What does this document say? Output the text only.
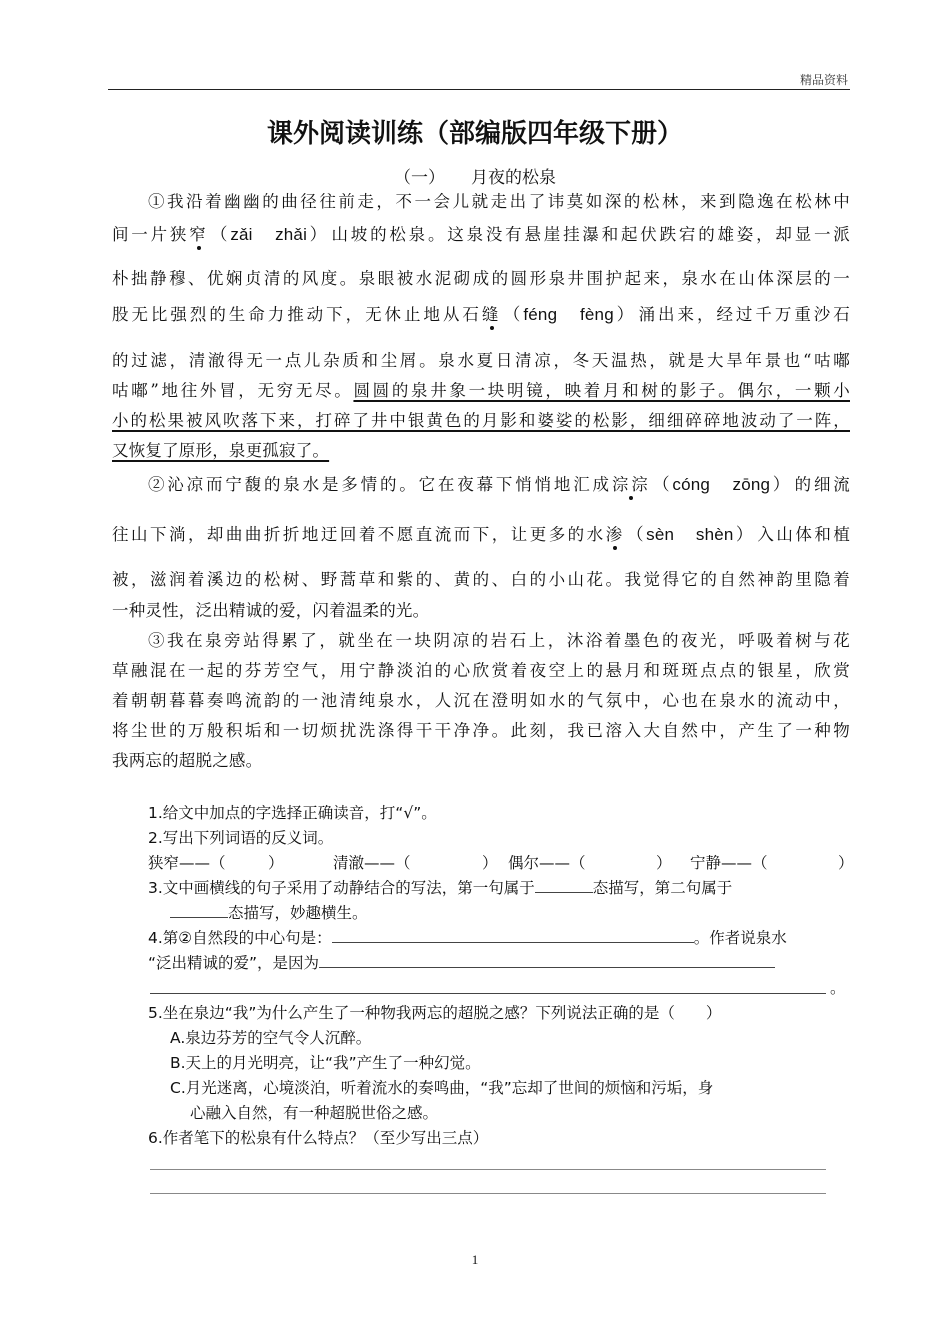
精品资料
课外阅读训练（部编版四年级下册）
（一） 月夜的松泉
①我沿着幽幽的曲径往前走，不一会儿就走出了讳莫如深的松林，来到隐逸在松林中
间一片狭窄 （zǎi　zhǎi） 山坡的松泉。这泉没有悬崖挂瀑和起伏跌宕的雄姿，却显一派
朴拙静穆、优娴贞清的风度。泉眼被水泥砌成的圆形泉井围护起来，泉水在山体深层的一
股无比强烈的生命力推动下，无休止地从石缝 （féng　fèng） 涌出来，经过千万重沙石
的过滤，清澈得无一点儿杂质和尘屑。泉水夏日清凉，冬天温热，就是大旱年景也“咕嘟
咕嘟”地往外冒，无穷无尽。圆圆的泉井象一块明镜，映着月和树的影子。偶尔，一颗小
小的松果被风吹落下来，打碎了井中银黄色的月影和婆娑的松影，细细碎碎地波动了一阵，
又恢复了原形，泉更孤寂了。
②沁凉而宁馥的泉水是多情的。它在夜幕下悄悄地汇成淙淙 （cóng　zōng） 的细流
往山下淌，却曲曲折折地迂回着不愿直流而下，让更多的水渗 （sèn　shèn） 入山体和植
被，滋润着溪边的松树、野蒿草和紫的、黄的、白的小山花。我觉得它的自然神韵里隐着
一种灵性，泛出精诚的爱，闪着温柔的光。
③我在泉旁站得累了，就坐在一块阴凉的岩石上，沐浴着墨色的夜光，呼吸着树与花
草融混在一起的芬芳空气，用宁静淡泊的心欣赏着夜空上的悬月和斑斑点点的银星，欣赏
着朝朝暮暮奏鸣流韵的一池清纯泉水，人沉在澄明如水的气氛中，心也在泉水的流动中，
将尘世的万般积垢和一切烦扰洗涤得干干净净。此刻，我已溶入大自然中，产生了一种物
我两忘的超脱之感。
1.给文中加点的字选择正确读音，打“√”。
2.写出下列词语的反义词。
狭窄——（	）	清澈——（	） 偶尔——（	） 宁静——（	）
3.文中画横线的句子采用了动静结合的写法，第一句属于	态描写，第二句属于
态描写，妙趣横生。
4.第②自然段的中心句是：	。作者说泉水
“泛出精诚的爱”，是因为
。
5.坐在泉边“我”为什么产生了一种物我两忘的超脱之感？下列说法正确的是（　　）
A.泉边芬芳的空气令人沉醉。
B.天上的月光明亮，让“我”产生了一种幻觉。
C.月光迷离，心境淡泊，听着流水的奏鸣曲，“我”忘却了世间的烦恼和污垢，身
心融入自然，有一种超脱世俗之感。
6.作者笔下的松泉有什么特点？（至少写出三点）
1
